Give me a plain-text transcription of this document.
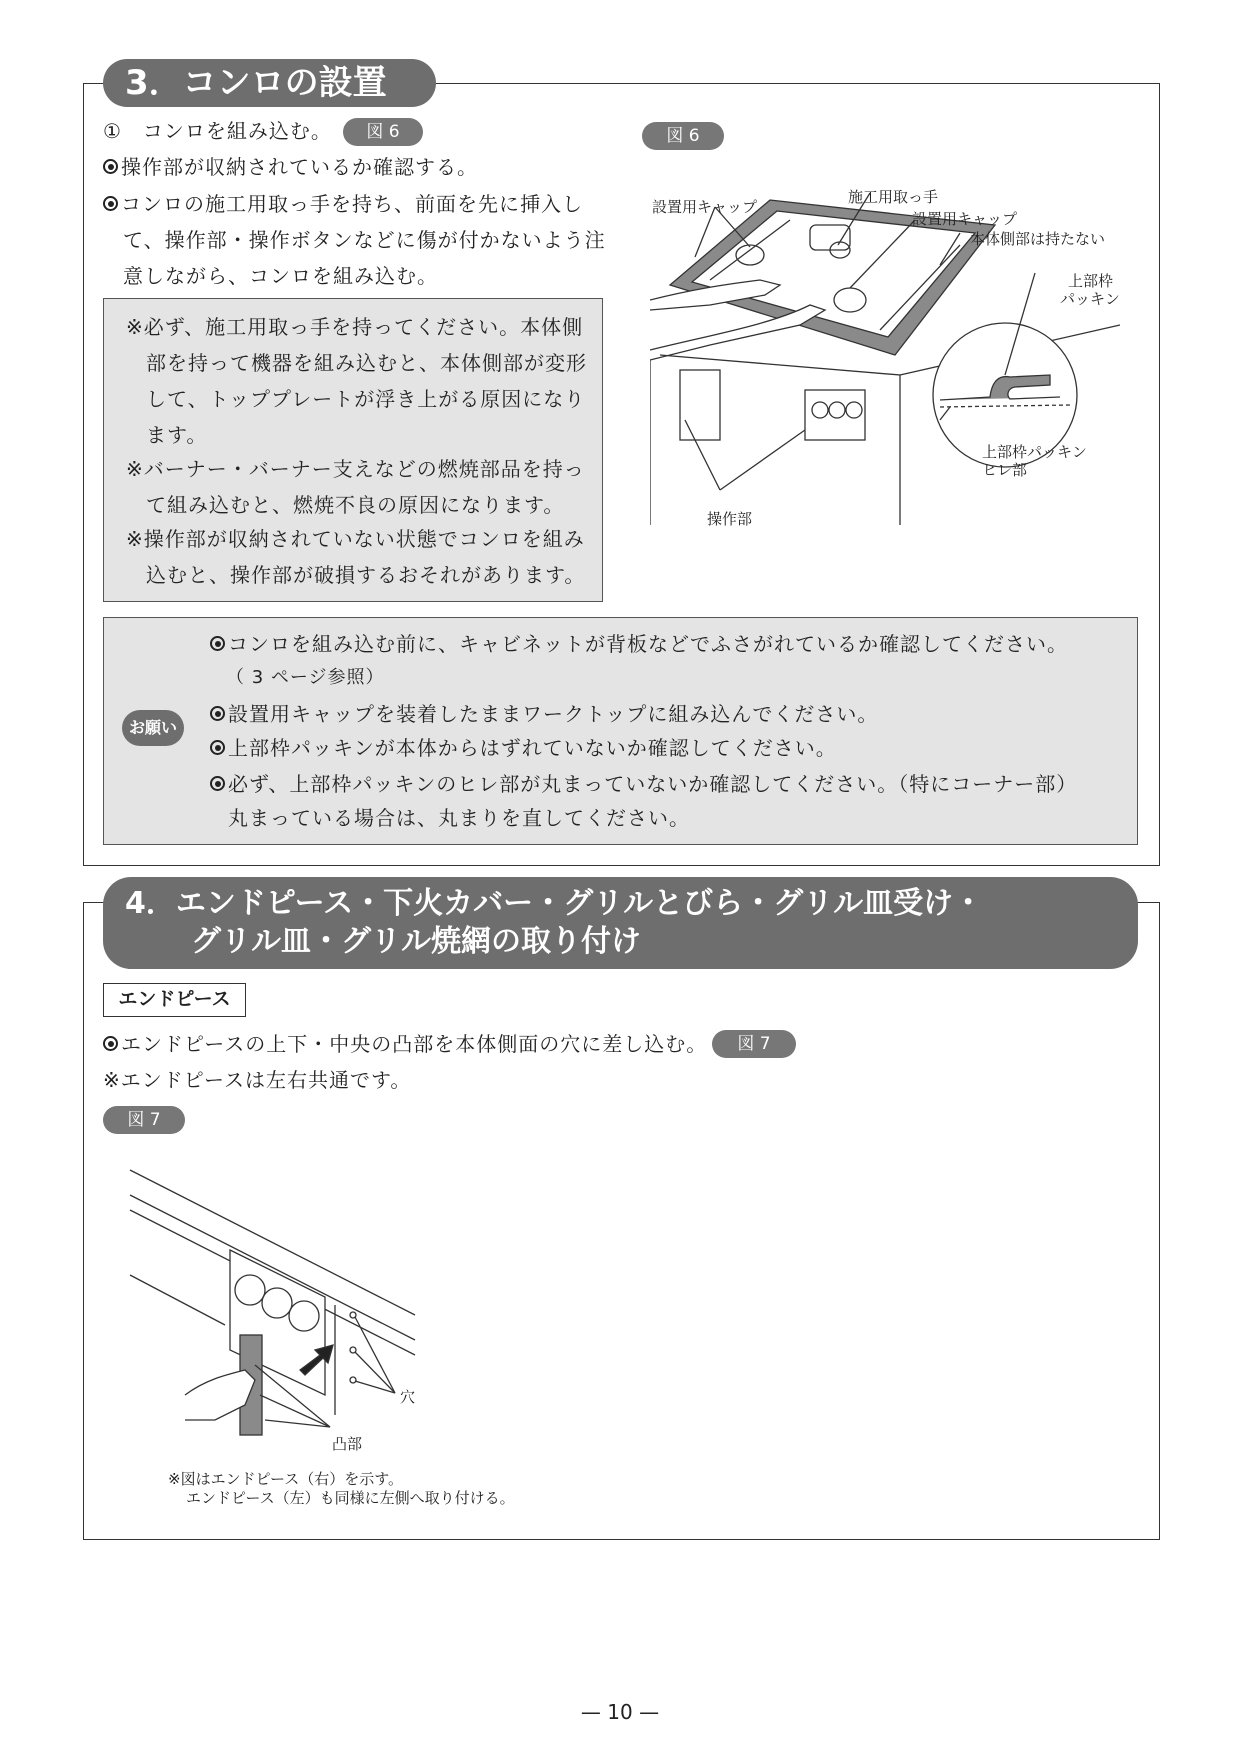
3．コンロの設置
①　コンロを組み込む。	図 6
操作部が収納されているか確認する。
コンロの施工用取っ手を持ち、前面を先に挿入し
て、操作部・操作ボタンなどに傷が付かないよう注
意しながら、コンロを組み込む。
※必ず、施工用取っ手を持ってください。本体側
部を持って機器を組み込むと、本体側部が変形
して、トッププレートが浮き上がる原因になり
ます。
※バーナー・バーナー支えなどの燃焼部品を持っ
て組み込むと、燃焼不良の原因になります。
※操作部が収納されていない状態でコンロを組み
込むと、操作部が破損するおそれがあります。
図 6
設置用キャップ
施工用取っ手
設置用キャップ
本体側部は持たない
上部枠
パッキン
上部枠パッキン
ヒレ部
操作部
お願い
コンロを組み込む前に、キャビネットが背板などでふさがれているか確認してください。
（ 3 ページ参照）
設置用キャップを装着したままワークトップに組み込んでください。
上部枠パッキンが本体からはずれていないか確認してください。
必ず、上部枠パッキンのヒレ部が丸まっていないか確認してください。（特にコーナー部）
丸まっている場合は、丸まりを直してください。
4．エンドピース・下火カバー・グリルとびら・グリル皿受け・
グリル皿・グリル焼網の取り付け
エンドピース
エンドピースの上下・中央の凸部を本体側面の穴に差し込む。	図 7
※エンドピースは左右共通です。
図 7
穴
凸部
※図はエンドピース（右）を示す。
エンドピース（左）も同様に左側へ取り付ける。
— 10 —
